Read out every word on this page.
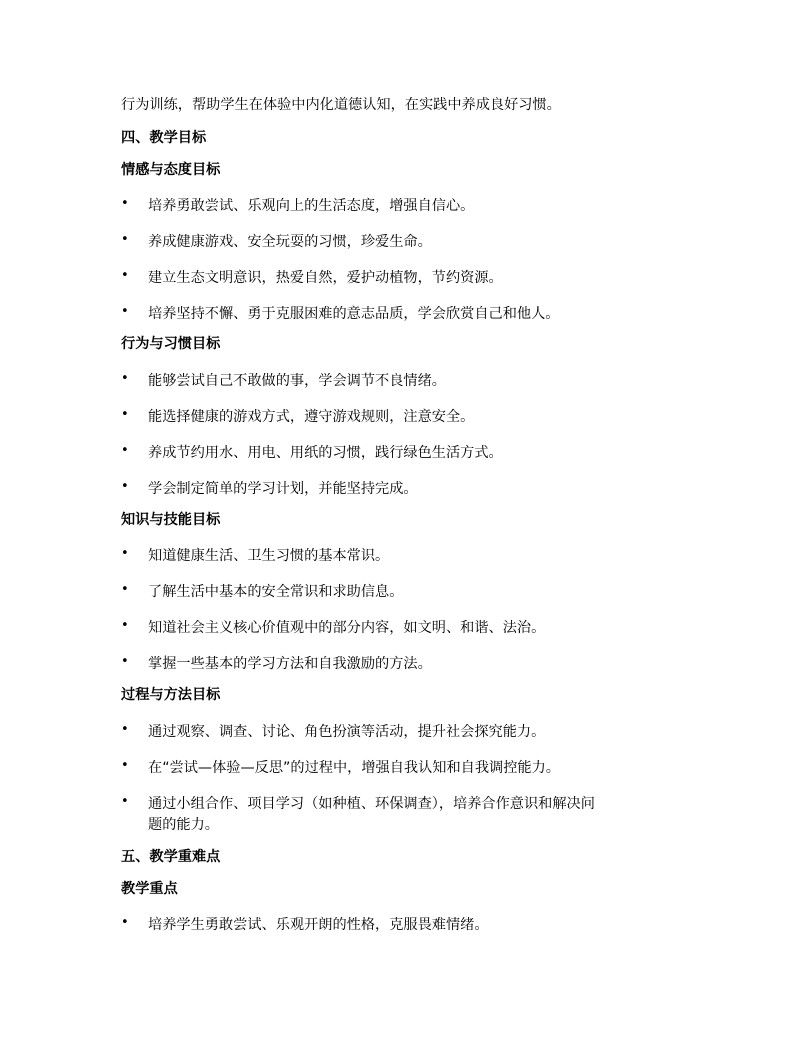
行为训练，帮助学生在体验中内化道德认知，在实践中养成良好习惯。
四、教学目标
情感与态度目标
• 培养勇敢尝试、乐观向上的生活态度，增强自信心。
• 养成健康游戏、安全玩耍的习惯，珍爱生命。
• 建立生态文明意识，热爱自然，爱护动植物，节约资源。
• 培养坚持不懈、勇于克服困难的意志品质，学会欣赏自己和他人。
行为与习惯目标
• 能够尝试自己不敢做的事，学会调节不良情绪。
• 能选择健康的游戏方式，遵守游戏规则，注意安全。
• 养成节约用水、用电、用纸的习惯，践行绿色生活方式。
• 学会制定简单的学习计划，并能坚持完成。
知识与技能目标
• 知道健康生活、卫生习惯的基本常识。
• 了解生活中基本的安全常识和求助信息。
• 知道社会主义核心价值观中的部分内容，如文明、和谐、法治。
• 掌握一些基本的学习方法和自我激励的方法。
过程与方法目标
• 通过观察、调查、讨论、角色扮演等活动，提升社会探究能力。
• 在“尝试—体验—反思”的过程中，增强自我认知和自我调控能力。
• 通过小组合作、项目学习（如种植、环保调查），培养合作意识和解决问
题的能力。
五、教学重难点
教学重点
• 培养学生勇敢尝试、乐观开朗的性格，克服畏难情绪。
